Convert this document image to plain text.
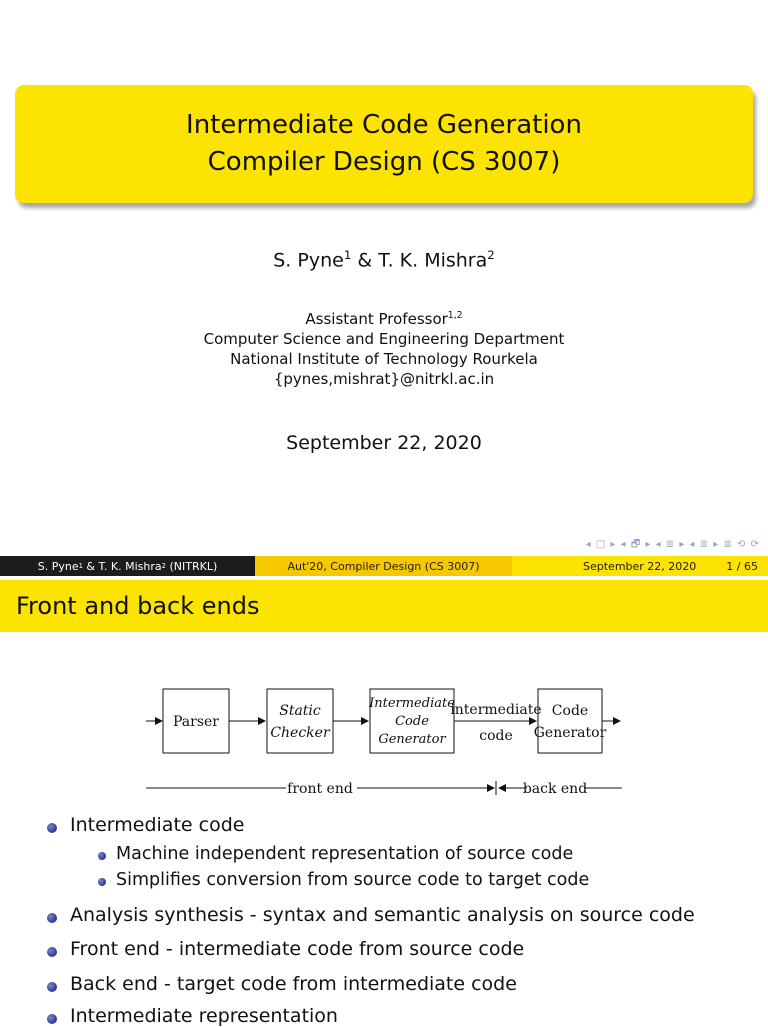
Intermediate Code Generation
Compiler Design (CS 3007)
S. Pyne$^1$ & T. K. Mishra$^2$
Assistant Professor$^{1,2}$
Computer Science and Engineering Department
National Institute of Technology Rourkela
{pynes,mishrat}@nitrkl.ac.in
September 22, 2020
◂ □ ▸ ◂ 🗗 ▸ ◂ ≣ ▸ ◂ ≣ ▸ ≣ ⟲ ⟳
S. Pyne 1 & T. K. Mishra 2 (NITRKL)	Aut'20, Compiler Design (CS 3007)	September 22, 2020	1 / 65
Front and back ends
Parser
Static
Checker
Intermediate
Code
Generator
intermediate
code
Code
Generator
front end	back end
Intermediate code
Machine independent representation of source code
Simplifies conversion from source code to target code
Analysis synthesis - syntax and semantic analysis on source code
Front end - intermediate code from source code
Back end - target code from intermediate code
Intermediate representation
